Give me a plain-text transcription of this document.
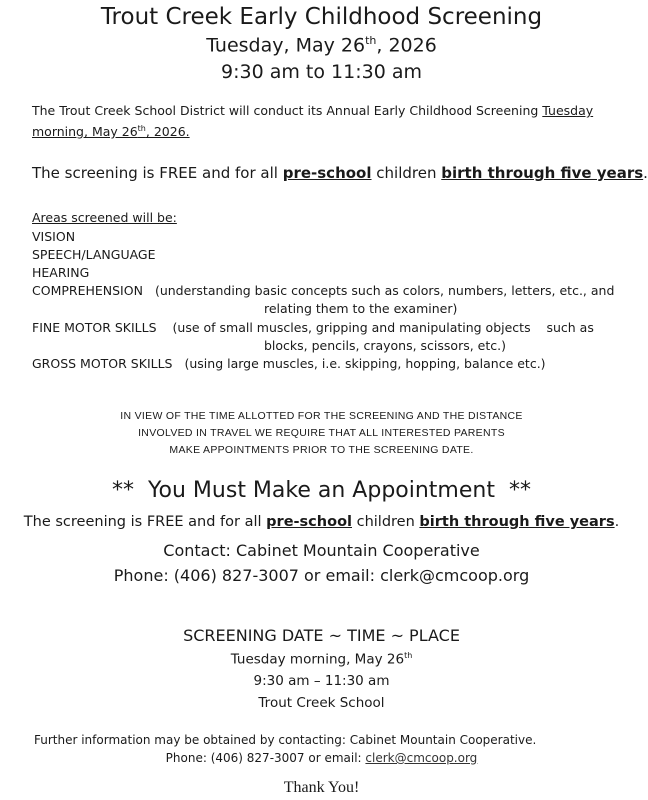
Trout Creek Early Childhood Screening
Tuesday, May 26th, 2026
9:30 am to 11:30 am
The Trout Creek School District will conduct its Annual Early Childhood Screening Tuesday
morning, May 26th, 2026.
The screening is FREE and for all pre-school children birth through five years.
Areas screened will be:
VISION
SPEECH/LANGUAGE
HEARING
COMPREHENSION (understanding basic concepts such as colors, numbers, letters, etc., and
relating them to the examiner)
FINE MOTOR SKILLS (use of small muscles, gripping and manipulating objects    such as
blocks, pencils, crayons, scissors, etc.)
GROSS MOTOR SKILLS (using large muscles, i.e. skipping, hopping, balance etc.)
IN VIEW OF THE TIME ALLOTTED FOR THE SCREENING AND THE DISTANCE
INVOLVED IN TRAVEL WE REQUIRE THAT ALL INTERESTED PARENTS
MAKE APPOINTMENTS PRIOR TO THE SCREENING DATE.
**  You Must Make an Appointment  **
The screening is FREE and for all pre-school children birth through five years.
Contact: Cabinet Mountain Cooperative
Phone: (406) 827-3007 or email: clerk@cmcoop.org
SCREENING DATE ~ TIME ~ PLACE
Tuesday morning, May 26th
9:30 am – 11:30 am
Trout Creek School
Further information may be obtained by contacting: Cabinet Mountain Cooperative.
Phone: (406) 827-3007 or email: clerk@cmcoop.org
Thank You!
